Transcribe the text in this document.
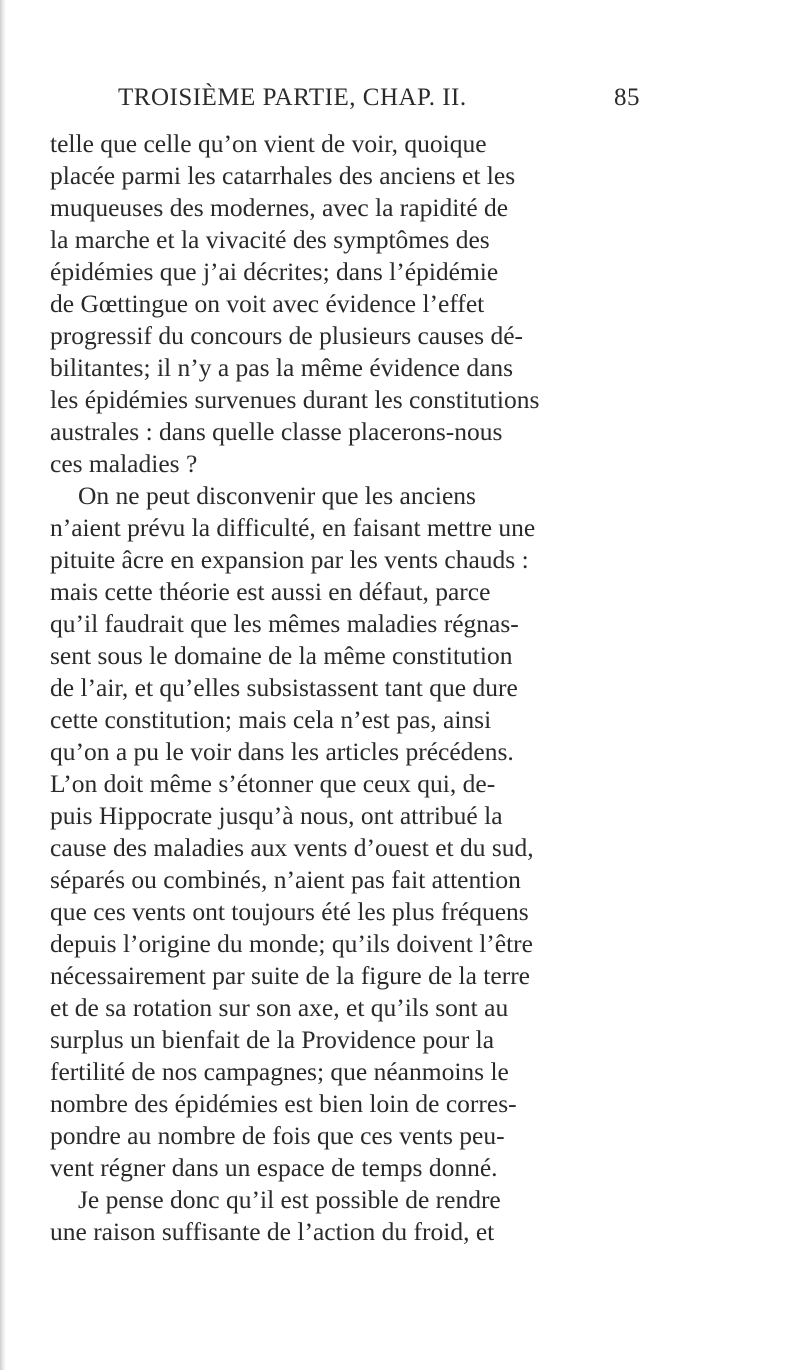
TROISIÈME PARTIE, CHAP. II.	85
telle que celle qu’on vient de voir, quoique
placée parmi les catarrhales des anciens et les
muqueuses des modernes, avec la rapidité de
la marche et la vivacité des symptômes des
épidémies que j’ai décrites; dans l’épidémie
de Gœttingue on voit avec évidence l’effet
progressif du concours de plusieurs causes dé-
bilitantes; il n’y a pas la même évidence dans
les épidémies survenues durant les constitutions
australes : dans quelle classe placerons-nous
ces maladies ?
On ne peut disconvenir que les anciens
n’aient prévu la difficulté, en faisant mettre une
pituite âcre en expansion par les vents chauds :
mais cette théorie est aussi en défaut, parce
qu’il faudrait que les mêmes maladies régnas-
sent sous le domaine de la même constitution
de l’air, et qu’elles subsistassent tant que dure
cette constitution; mais cela n’est pas, ainsi
qu’on a pu le voir dans les articles précédens.
L’on doit même s’étonner que ceux qui, de-
puis Hippocrate jusqu’à nous, ont attribué la
cause des maladies aux vents d’ouest et du sud,
séparés ou combinés, n’aient pas fait attention
que ces vents ont toujours été les plus fréquens
depuis l’origine du monde; qu’ils doivent l’être
nécessairement par suite de la figure de la terre
et de sa rotation sur son axe, et qu’ils sont au
surplus un bienfait de la Providence pour la
fertilité de nos campagnes; que néanmoins le
nombre des épidémies est bien loin de corres-
pondre au nombre de fois que ces vents peu-
vent régner dans un espace de temps donné.
Je pense donc qu’il est possible de rendre
une raison suffisante de l’action du froid, et
